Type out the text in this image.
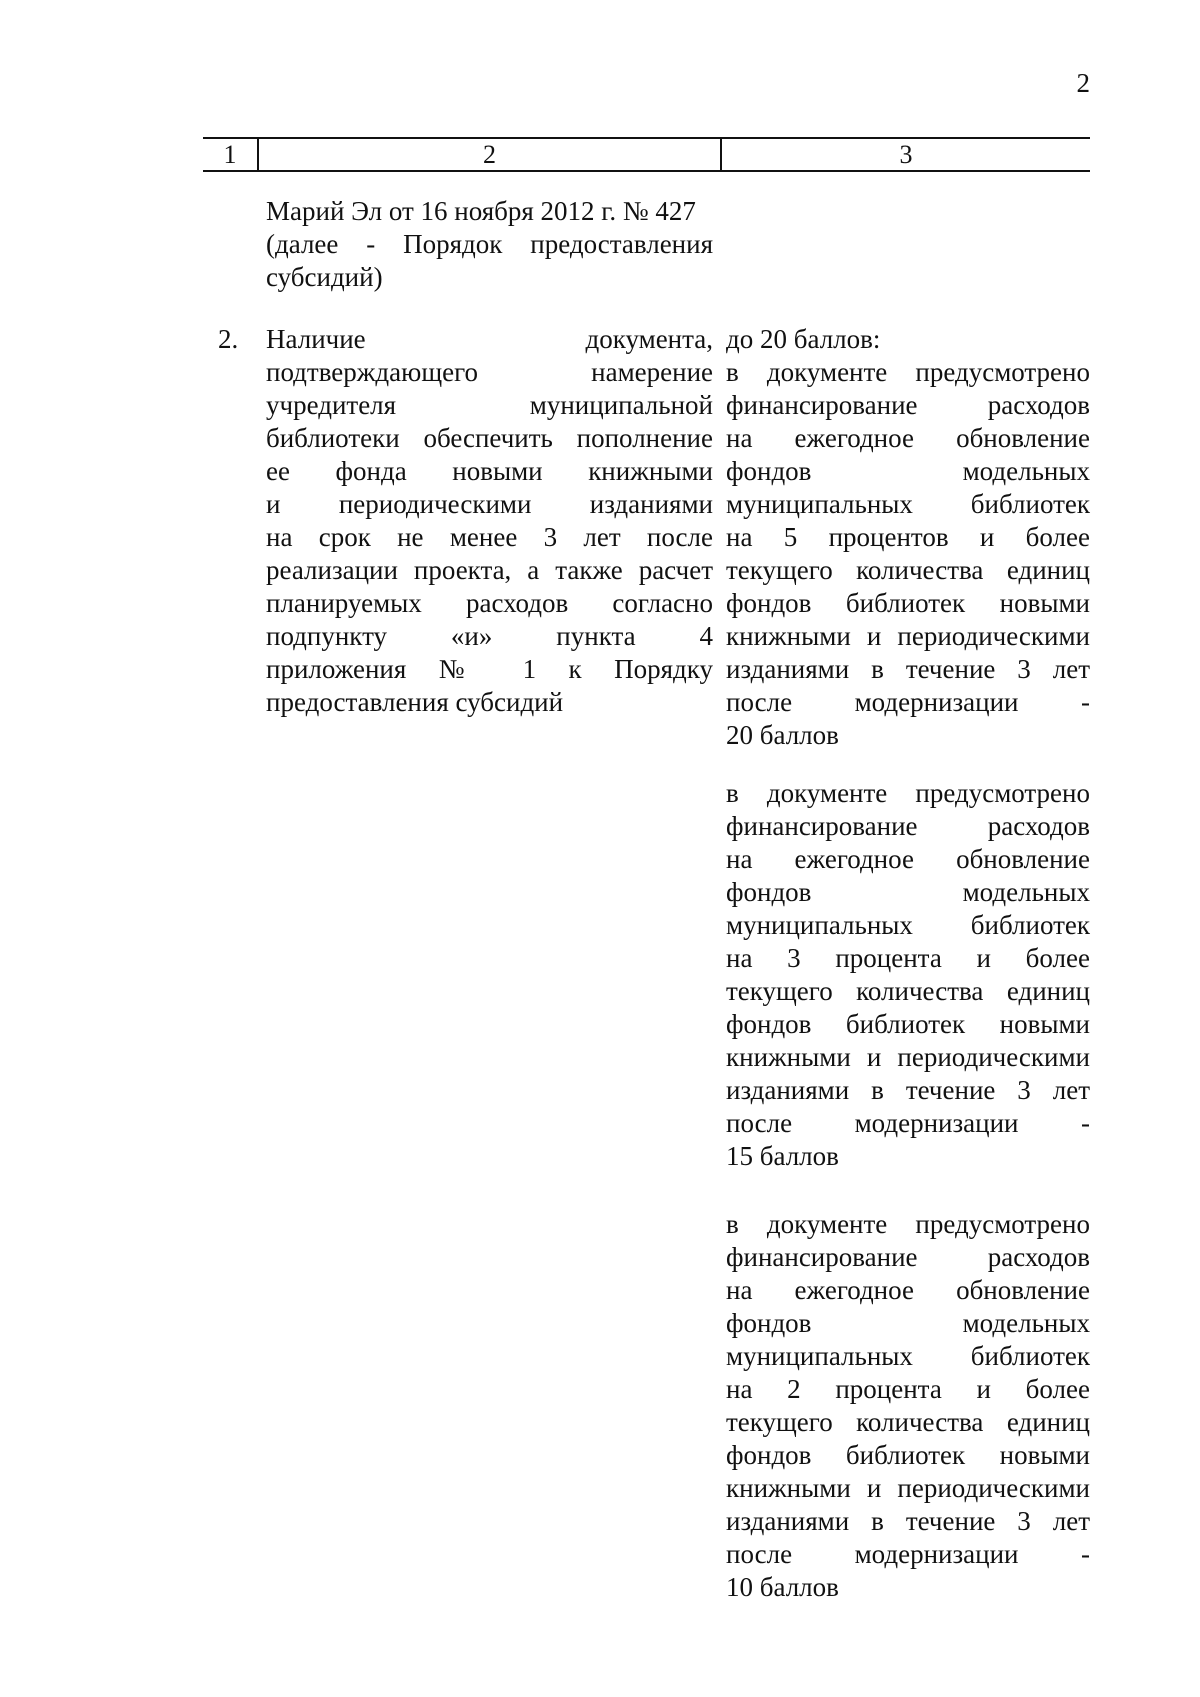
2
1	2	3
Марий Эл от 16 ноября 2012 г. № 427
(далее - Порядок предоставления
субсидий)
2. Наличие документа,
подтверждающего намерение
учредителя муниципальной
библиотеки обеспечить пополнение
ее фонда новыми книжными
и периодическими изданиями
на срок не менее 3 лет после
реализации проекта, а также расчет
планируемых расходов согласно
подпункту «и» пункта 4
приложения № 1 к Порядку
предоставления субсидий
до 20 баллов:
в документе предусмотрено
финансирование расходов
на ежегодное обновление
фондов модельных
муниципальных библиотек
на 5 процентов и более
текущего количества единиц
фондов библиотек новыми
книжными и периодическими
изданиями в течение 3 лет
после модернизации -
20 баллов
в документе предусмотрено
финансирование расходов
на ежегодное обновление
фондов модельных
муниципальных библиотек
на 3 процента и более
текущего количества единиц
фондов библиотек новыми
книжными и периодическими
изданиями в течение 3 лет
после модернизации -
15 баллов
в документе предусмотрено
финансирование расходов
на ежегодное обновление
фондов модельных
муниципальных библиотек
на 2 процента и более
текущего количества единиц
фондов библиотек новыми
книжными и периодическими
изданиями в течение 3 лет
после модернизации -
10 баллов
